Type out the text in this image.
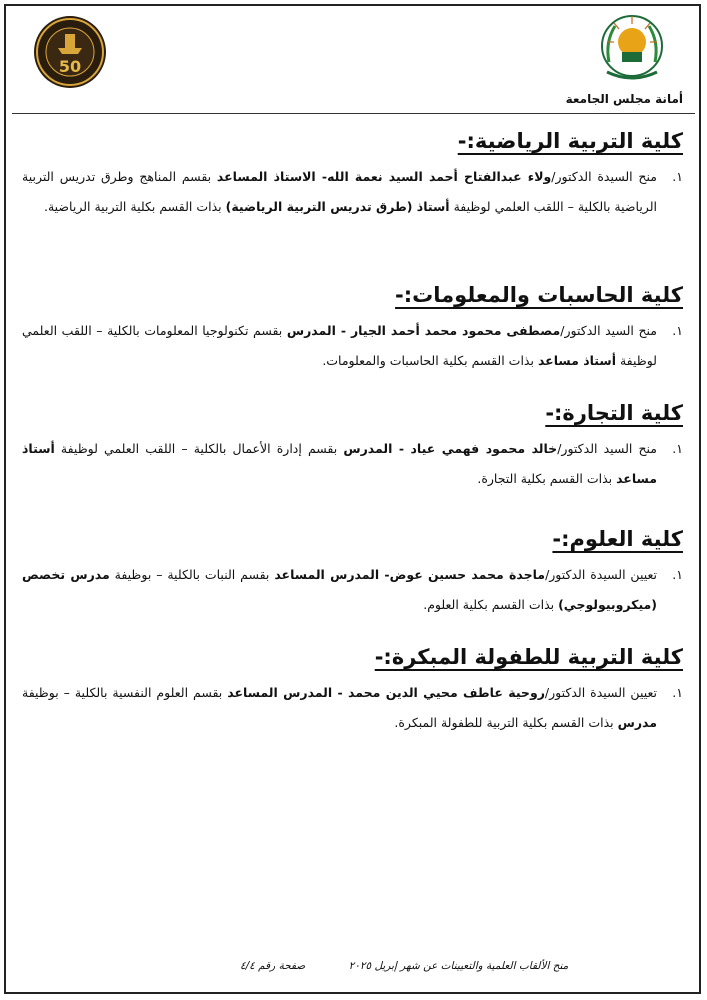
50
أمانة مجلس الجامعة
كلية التربية الرياضية:-

١.
منح السيدة الدكتور/ولاء عبدالفتاح أحمد السيد نعمة الله- الاستاذ المساعد بقسم المناهج وطرق تدريس التربية الرياضية بالكلية – اللقب العلمي لوظيفة أستاذ (طرق تدريس التربية الرياضية) بذات القسم بكلية التربية الرياضية.

كلية الحاسبات والمعلومات:-

١.
منح السيد الدكتور/مصطفى محمود محمد أحمد الجيار - المدرس بقسم تكنولوجيا المعلومات بالكلية – اللقب العلمي لوظيفة أستاذ مساعد بذات القسم بكلية الحاسبات والمعلومات.

كلية التجارة:-

١.
منح السيد الدكتور/خالد محمود فهمي عياد - المدرس بقسم إدارة الأعمال بالكلية – اللقب العلمي لوظيفة أستاذ مساعد بذات القسم بكلية التجارة.

كلية العلوم:-

١.
تعيين السيدة الدكتور/ماجدة محمد حسين عوض- المدرس المساعد بقسم النبات بالكلية – بوظيفة مدرس تخصص (ميكروبيولوجي) بذات القسم بكلية العلوم.

كلية التربية للطفولة المبكرة:-

١.
تعيين السيدة الدكتور/روحية عاطف محيي الدين محمد - المدرس المساعد بقسم العلوم النفسية بالكلية – بوظيفة مدرس بذات القسم بكلية التربية للطفولة المبكرة.

منح الألقاب العلمية والتعيينات عن شهر إبريل ٢٠٢٥ صفحة رقم ٤/٤
